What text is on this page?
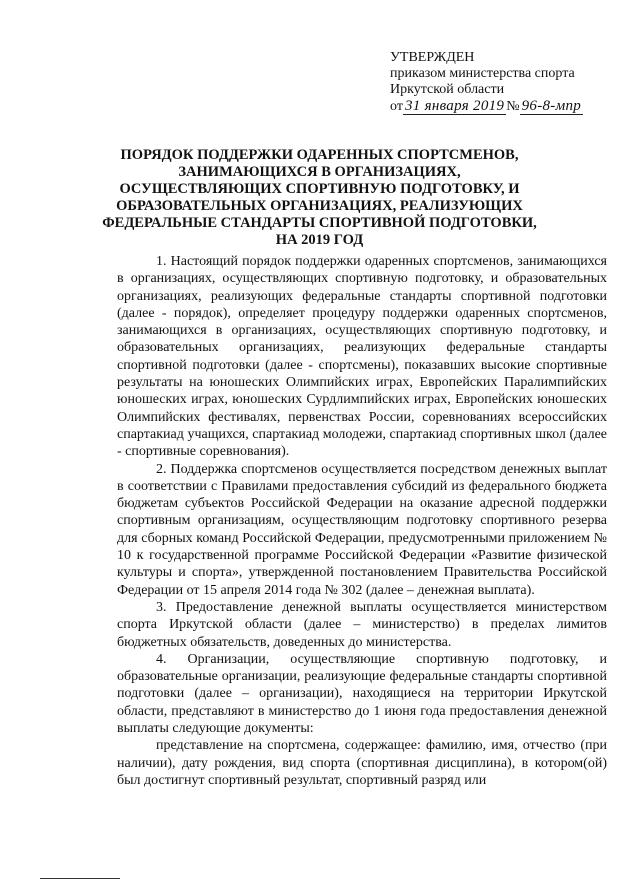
УТВЕРЖДЕН
приказом министерства спорта
Иркутской области
от 31 января 2019 № 96-8-мпр
ПОРЯДОК ПОДДЕРЖКИ ОДАРЕННЫХ СПОРТСМЕНОВ, ЗАНИМАЮЩИХСЯ В ОРГАНИЗАЦИЯХ, ОСУЩЕСТВЛЯЮЩИХ СПОРТИВНУЮ ПОДГОТОВКУ, И ОБРАЗОВАТЕЛЬНЫХ ОРГАНИЗАЦИЯХ, РЕАЛИЗУЮЩИХ ФЕДЕРАЛЬНЫЕ СТАНДАРТЫ СПОРТИВНОЙ ПОДГОТОВКИ, НА 2019 ГОД

1. Настоящий порядок поддержки одаренных спортсменов, занимающихся в организациях, осуществляющих спортивную подготовку, и образовательных организациях, реализующих федеральные стандарты спортивной подготовки (далее - порядок), определяет процедуру поддержки одаренных спортсменов, занимающихся в организациях, осуществляющих спортивную подготовку, и образовательных организациях, реализующих федеральные стандарты спортивной подготовки (далее - спортсмены), показавших высокие спортивные результаты на юношеских Олимпийских играх, Европейских Паралимпийских юношеских играх, юношеских Сурдлимпийских играх, Европейских юношеских Олимпийских фестивалях, первенствах России, соревнованиях всероссийских спартакиад учащихся, спартакиад молодежи, спартакиад спортивных школ (далее - спортивные соревнования).

2. Поддержка спортсменов осуществляется посредством денежных выплат в соответствии с Правилами предоставления субсидий из федерального бюджета бюджетам субъектов Российской Федерации на оказание адресной поддержки спортивным организациям, осуществляющим подготовку спортивного резерва для сборных команд Российской Федерации, предусмотренными приложением № 10 к государственной программе Российской Федерации «Развитие физической культуры и спорта», утвержденной постановлением Правительства Российской Федерации от 15 апреля 2014 года № 302 (далее – денежная выплата).

3. Предоставление денежной выплаты осуществляется министерством спорта Иркутской области (далее – министерство) в пределах лимитов бюджетных обязательств, доведенных до министерства.

4. Организации, осуществляющие спортивную подготовку, и образовательные организации, реализующие федеральные стандарты спортивной подготовки (далее – организации), находящиеся на территории Иркутской области, представляют в министерство до 1 июня года предоставления денежной выплаты следующие документы:

представление на спортсмена, содержащее: фамилию, имя, отчество (при наличии), дату рождения, вид спорта (спортивная дисциплина), в котором(ой) был достигнут спортивный результат, спортивный разряд или
